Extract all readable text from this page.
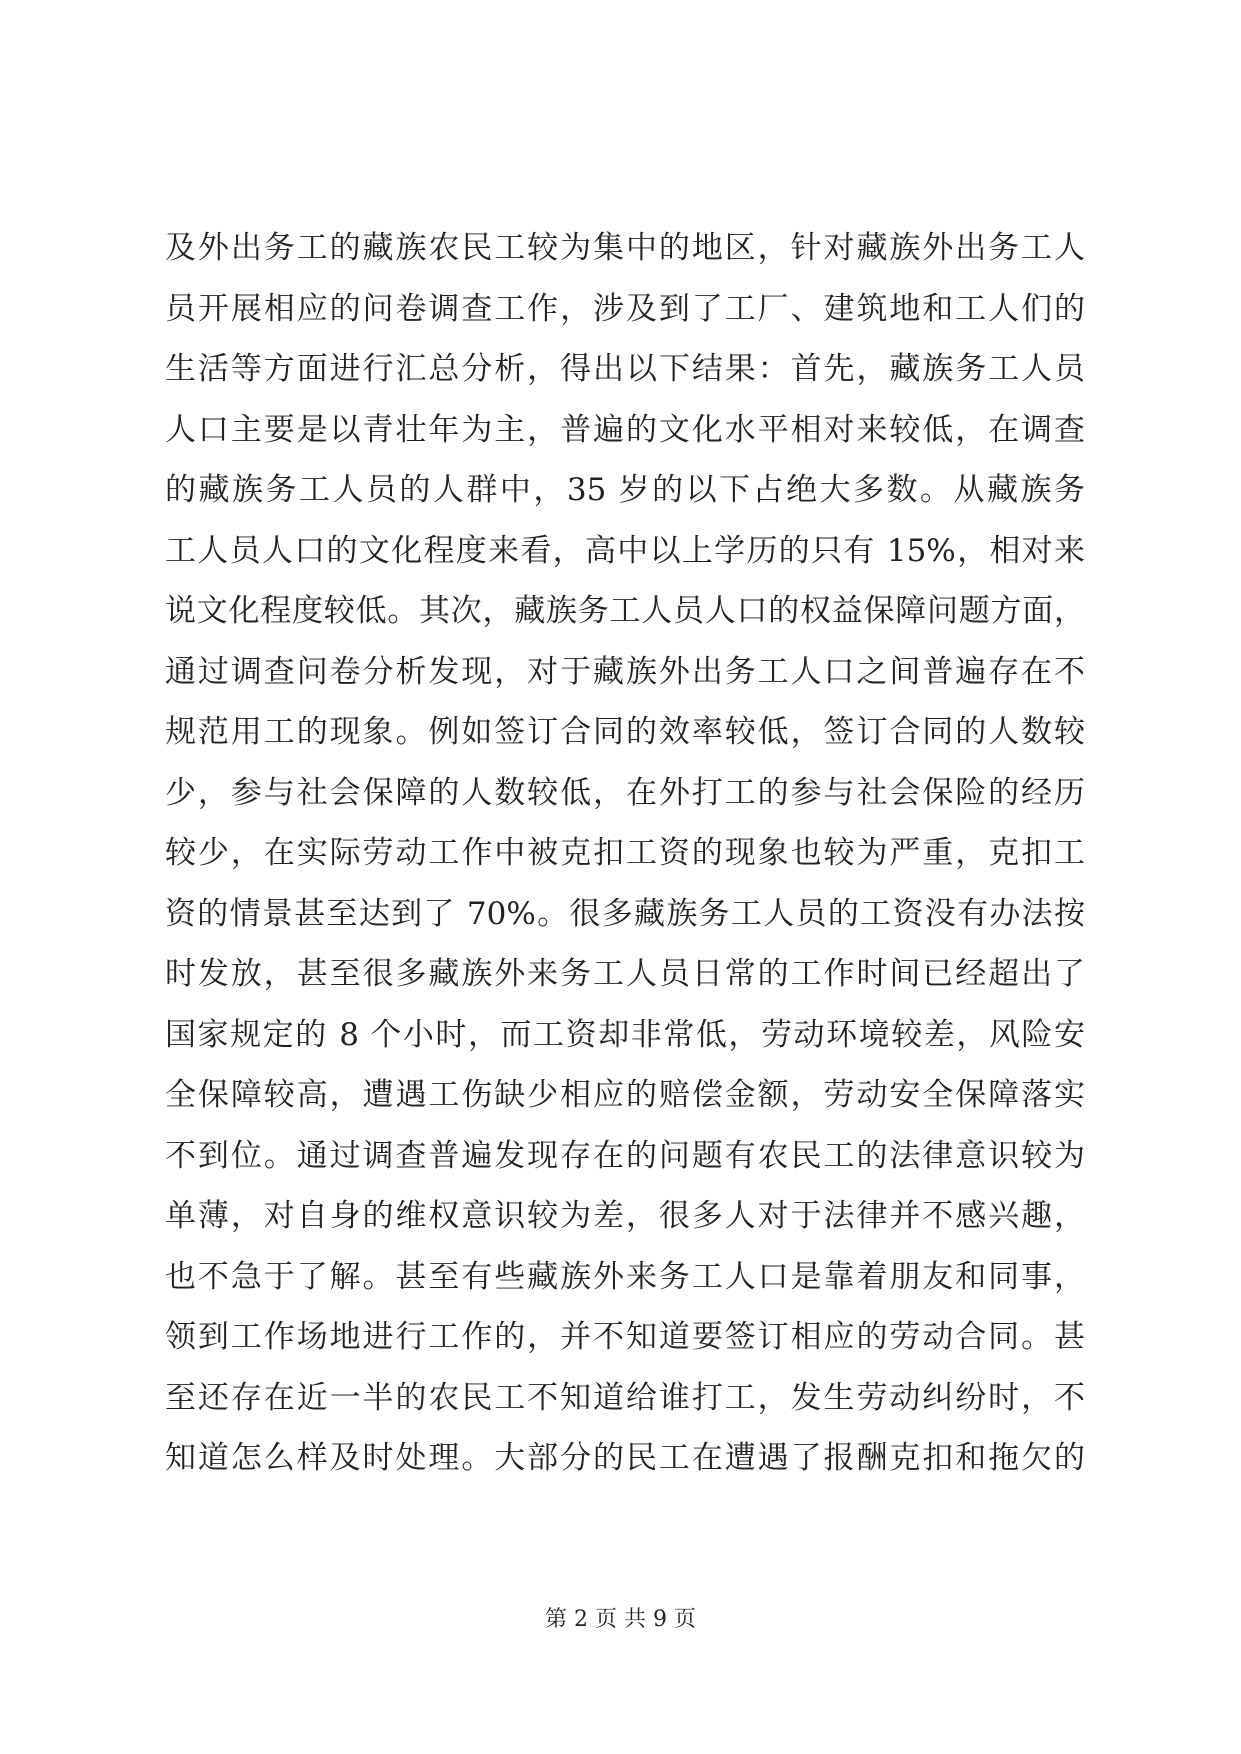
及外出务工的藏族农民工较为集中的地区，针对藏族外出务工人
员开展相应的问卷调查工作，涉及到了工厂、建筑地和工人们的
生活等方面进行汇总分析，得出以下结果：首先，藏族务工人员
人口主要是以青壮年为主，普遍的文化水平相对来较低，在调查
的藏族务工人员的人群中，35 岁的以下占绝大多数。从藏族务
工人员人口的文化程度来看，高中以上学历的只有 15%，相对来
说文化程度较低。其次，藏族务工人员人口的权益保障问题方面，
通过调查问卷分析发现，对于藏族外出务工人口之间普遍存在不
规范用工的现象。例如签订合同的效率较低，签订合同的人数较
少，参与社会保障的人数较低，在外打工的参与社会保险的经历
较少，在实际劳动工作中被克扣工资的现象也较为严重，克扣工
资的情景甚至达到了 70%。很多藏族务工人员的工资没有办法按
时发放，甚至很多藏族外来务工人员日常的工作时间已经超出了
国家规定的 8 个小时，而工资却非常低，劳动环境较差，风险安
全保障较高，遭遇工伤缺少相应的赔偿金额，劳动安全保障落实
不到位。通过调查普遍发现存在的问题有农民工的法律意识较为
单薄，对自身的维权意识较为差，很多人对于法律并不感兴趣，
也不急于了解。甚至有些藏族外来务工人口是靠着朋友和同事，
领到工作场地进行工作的，并不知道要签订相应的劳动合同。甚
至还存在近一半的农民工不知道给谁打工，发生劳动纠纷时，不
知道怎么样及时处理。大部分的民工在遭遇了报酬克扣和拖欠的
第 2 页 共 9 页
